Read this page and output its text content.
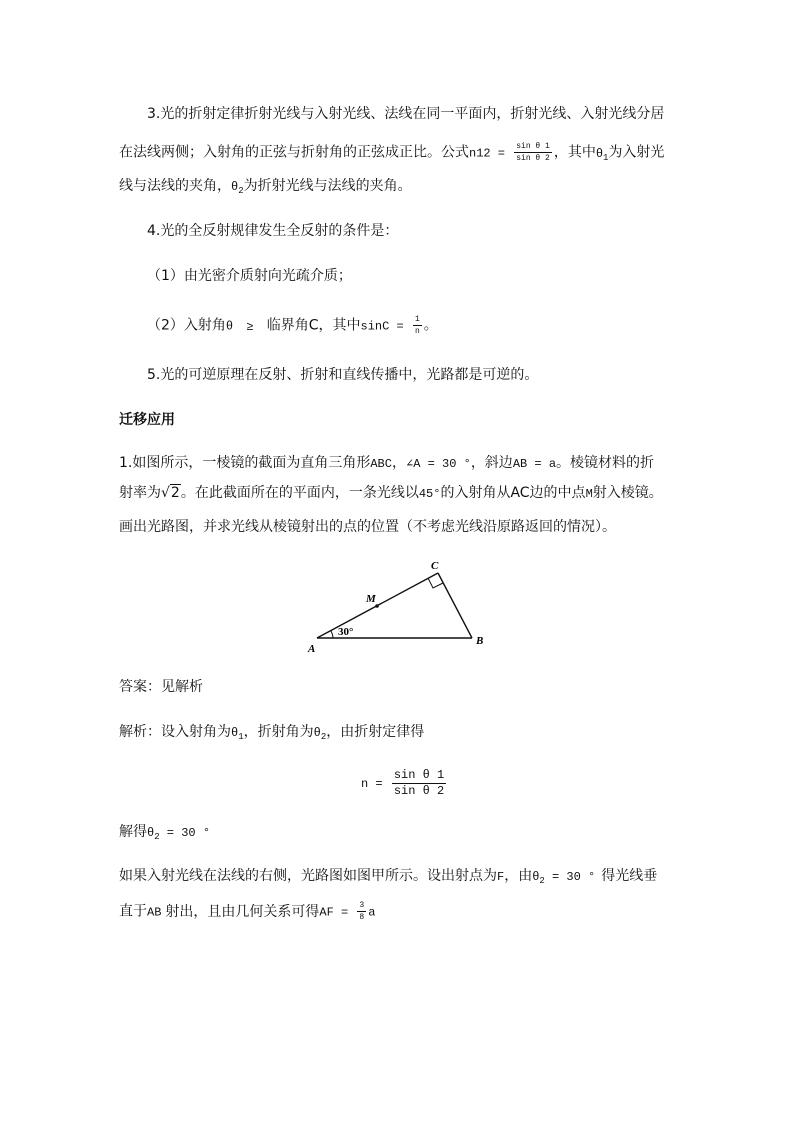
3.光的折射定律折射光线与入射光线、法线在同一平面内，折射光线、入射光线分居
在法线两侧；入射角的正弦与折射角的正弦成正比。公式$n12 = \frac{\text{sin θ 1}}{\text{sin θ 2}}$ ，其中$\theta_1$为入射光
线与法线的夹角，$\theta_2$为折射光线与法线的夹角。
4.光的全反射规律发生全反射的条件是：
（1）由光密介质射向光疏介质；
（2）入射角θ ≥ 临界角C，其中$\sin C = \frac{1}{n}$ 。
5.光的可逆原理在反射、折射和直线传播中，光路都是可逆的。
迁移应用
1.如图所示，一棱镜的截面为直角三角形ABC，∠A = 30 °，斜边AB = a。棱镜材料的折
射率为√2。在此截面所在的平面内，一条光线以45°的入射角从AC边的中点M射入棱镜。
画出光路图，并求光线从棱镜射出的点的位置（不考虑光线沿原路返回的情况）。
A
B
C
M
30°
答案：见解析
解析：设入射角为$\theta_1$，折射角为$\theta_2$，由折射定律得
$n = \frac{\text{sin θ 1}}{\text{sin θ 2}}$
解得$\theta_2 = 30$ °
如果入射光线在法线的右侧，光路图如图甲所示。设出射点为F，由$\theta_2 = 30$ ° 得光线垂
直于AB 射出，且由几何关系可得AF = $\frac{3}{8}$ a
